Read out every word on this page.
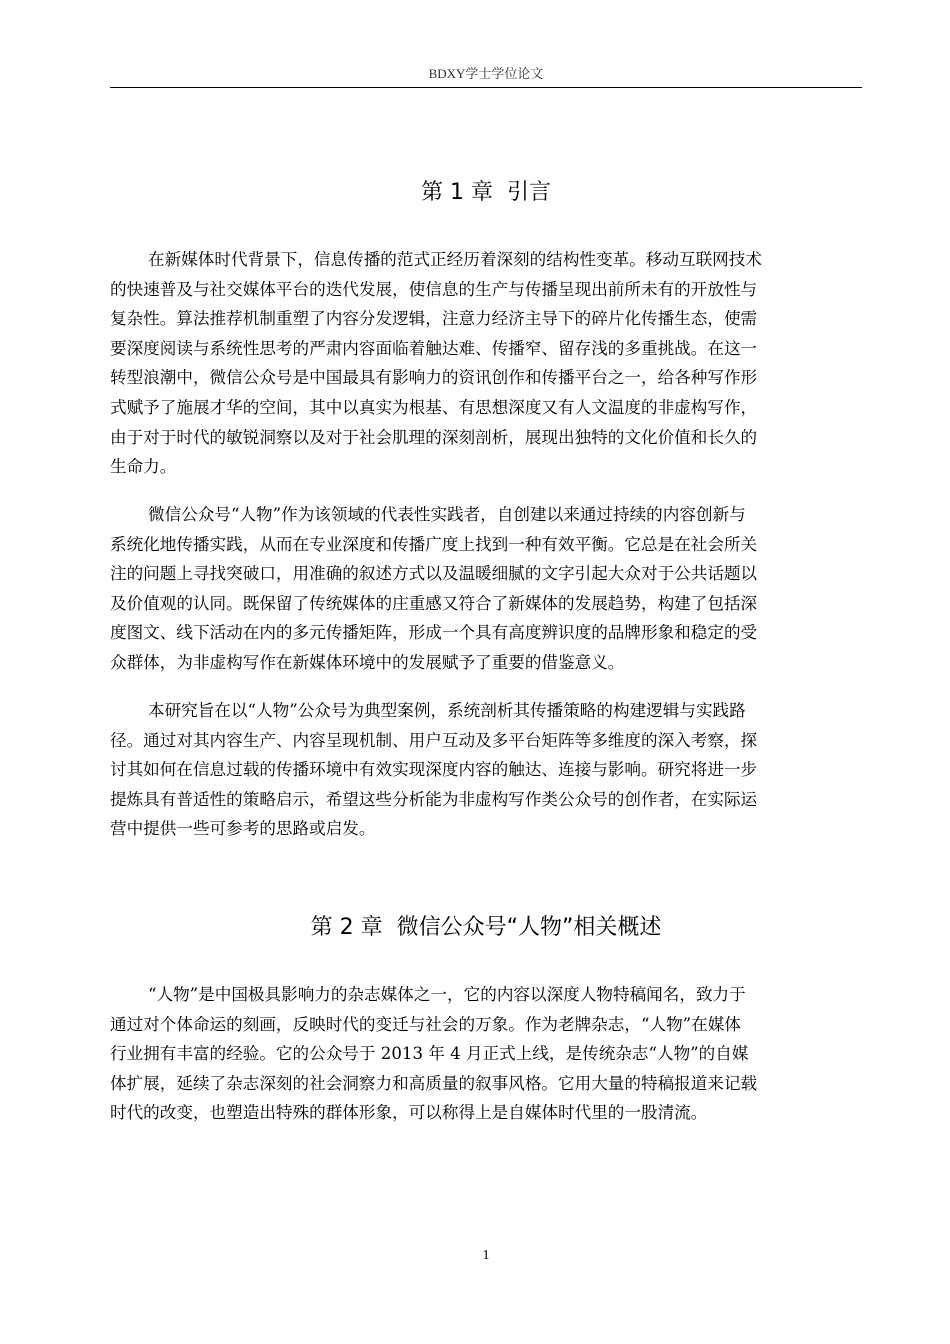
BDXY学士学位论文
第 1 章 引言

在新媒体时代背景下，信息传播的范式正经历着深刻的结构性变革。移动互联网技术
的快速普及与社交媒体平台的迭代发展，使信息的生产与传播呈现出前所未有的开放性与
复杂性。算法推荐机制重塑了内容分发逻辑，注意力经济主导下的碎片化传播生态，使需
要深度阅读与系统性思考的严肃内容面临着触达难、传播窄、留存浅的多重挑战。在这一
转型浪潮中，微信公众号是中国最具有影响力的资讯创作和传播平台之一，给各种写作形
式赋予了施展才华的空间，其中以真实为根基、有思想深度又有人文温度的非虚构写作，
由于对于时代的敏锐洞察以及对于社会肌理的深刻剖析，展现出独特的文化价值和长久的
生命力。

微信公众号“人物”作为该领域的代表性实践者，自创建以来通过持续的内容创新与
系统化地传播实践，从而在专业深度和传播广度上找到一种有效平衡。它总是在社会所关
注的问题上寻找突破口，用准确的叙述方式以及温暖细腻的文字引起大众对于公共话题以
及价值观的认同。既保留了传统媒体的庄重感又符合了新媒体的发展趋势，构建了包括深
度图文、线下活动在内的多元传播矩阵，形成一个具有高度辨识度的品牌形象和稳定的受
众群体，为非虚构写作在新媒体环境中的发展赋予了重要的借鉴意义。

本研究旨在以“人物”公众号为典型案例，系统剖析其传播策略的构建逻辑与实践路
径。通过对其内容生产、内容呈现机制、用户互动及多平台矩阵等多维度的深入考察，探
讨其如何在信息过载的传播环境中有效实现深度内容的触达、连接与影响。研究将进一步
提炼具有普适性的策略启示，希望这些分析能为非虚构写作类公众号的创作者，在实际运
营中提供一些可参考的思路或启发。

第 2 章 微信公众号“人物”相关概述

“人物”是中国极具影响力的杂志媒体之一，它的内容以深度人物特稿闻名，致力于
通过对个体命运的刻画，反映时代的变迁与社会的万象。作为老牌杂志，“人物”在媒体
行业拥有丰富的经验。它的公众号于 2013 年 4 月正式上线，是传统杂志“人物”的自媒
体扩展，延续了杂志深刻的社会洞察力和高质量的叙事风格。它用大量的特稿报道来记载
时代的改变，也塑造出特殊的群体形象，可以称得上是自媒体时代里的一股清流。

1
